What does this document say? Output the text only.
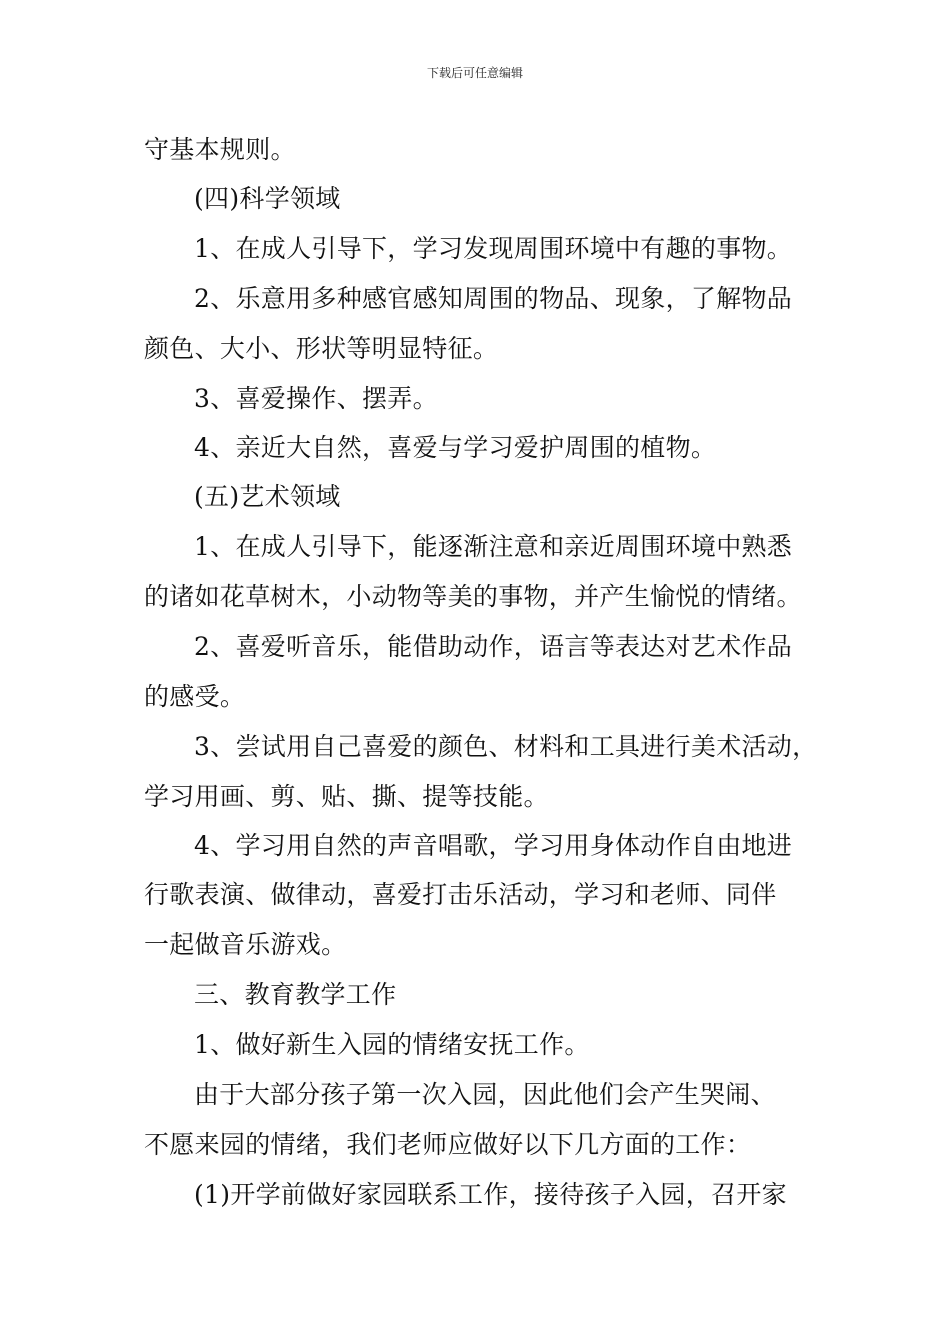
下载后可任意编辑
守基本规则。
(四)科学领域
1、在成人引导下，学习发现周围环境中有趣的事物。
2、乐意用多种感官感知周围的物品、现象，了解物品
颜色、大小、形状等明显特征。
3、喜爱操作、摆弄。
4、亲近大自然，喜爱与学习爱护周围的植物。
(五)艺术领域
1、在成人引导下，能逐渐注意和亲近周围环境中熟悉
的诸如花草树木，小动物等美的事物，并产生愉悦的情绪。
2、喜爱听音乐，能借助动作，语言等表达对艺术作品
的感受。
3、尝试用自己喜爱的颜色、材料和工具进行美术活动，
学习用画、剪、贴、撕、提等技能。
4、学习用自然的声音唱歌，学习用身体动作自由地进
行歌表演、做律动，喜爱打击乐活动，学习和老师、同伴
一起做音乐游戏。
三、教育教学工作
1、做好新生入园的情绪安抚工作。
由于大部分孩子第一次入园，因此他们会产生哭闹、
不愿来园的情绪，我们老师应做好以下几方面的工作：
(1)开学前做好家园联系工作，接待孩子入园，召开家
